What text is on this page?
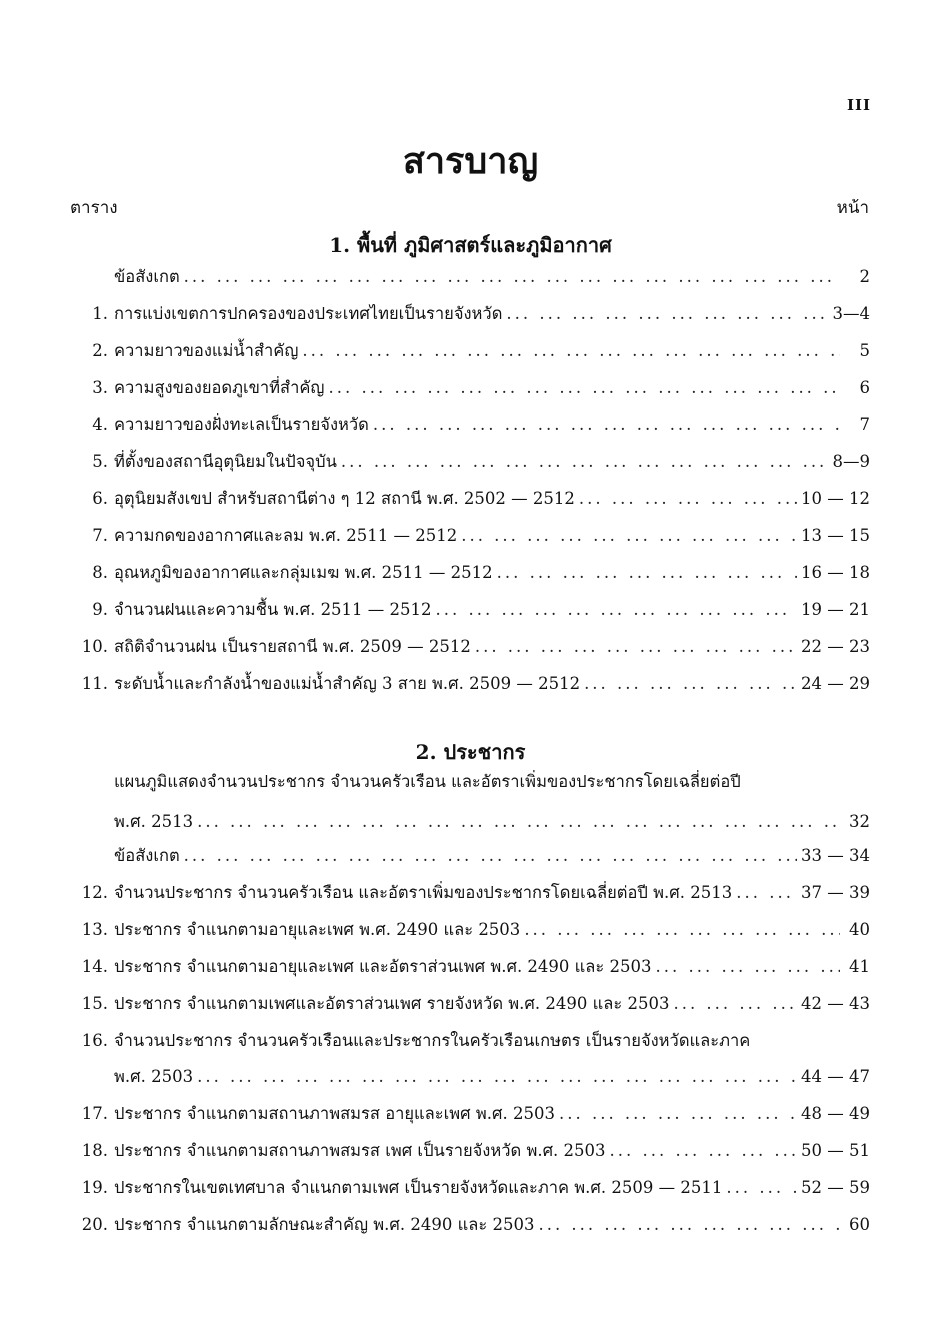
III
สารบาญ
ตาราง	หน้า
1. พื้นที่ ภูมิศาสตร์และภูมิอากาศ
ข้อสังเกต ... .	2
1. การแบ่งเขตการปกครองของประเทศไทยเป็นรายจังหวัด ... .	3—4
2. ความยาวของแม่น้ำสำคัญ ... .	5
3. ความสูงของยอดภูเขาที่สำคัญ ... .	6
4. ความยาวของฝั่งทะเลเป็นรายจังหวัด ... .	7
5. ที่ตั้งของสถานีอุตุนิยมในปัจจุบัน ... .	8—9
6. อุตุนิยมสังเขป สำหรับสถานีต่าง ๆ 12 สถานี พ.ศ. 2502 — 2512 ... .	10 — 12
7. ความกดของอากาศและลม พ.ศ. 2511 — 2512 ... .	13 — 15
8. อุณหภูมิของอากาศและกลุ่มเมฆ พ.ศ. 2511 — 2512 ... .	16 — 18
9. จำนวนฝนและความชื้น พ.ศ. 2511 — 2512 ... .	19 — 21
10. สถิติจำนวนฝน เป็นรายสถานี พ.ศ. 2509 — 2512 ... .	22 — 23
11. ระดับน้ำและกำลังน้ำของแม่น้ำสำคัญ 3 สาย พ.ศ. 2509 — 2512 ... .	24 — 29
2. ประชากร
แผนภูมิแสดงจำนวนประชากร จำนวนครัวเรือน และอัตราเพิ่มของประชากรโดยเฉลี่ยต่อปี
พ.ศ. 2513 ... .	32
ข้อสังเกต ... .	33 — 34
12. จำนวนประชากร จำนวนครัวเรือน และอัตราเพิ่มของประชากรโดยเฉลี่ยต่อปี พ.ศ. 2513 ... .	37 — 39
13. ประชากร จำแนกตามอายุและเพศ พ.ศ. 2490 และ 2503 ... .	40
14. ประชากร จำแนกตามอายุและเพศ และอัตราส่วนเพศ พ.ศ. 2490 และ 2503 ... .	41
15. ประชากร จำแนกตามเพศและอัตราส่วนเพศ รายจังหวัด พ.ศ. 2490 และ 2503 ... .	42 — 43
16. จำนวนประชากร จำนวนครัวเรือนและประชากรในครัวเรือนเกษตร เป็นรายจังหวัดและภาค
พ.ศ. 2503 ... .	44 — 47
17. ประชากร จำแนกตามสถานภาพสมรส อายุและเพศ พ.ศ. 2503 ... .	48 — 49
18. ประชากร จำแนกตามสถานภาพสมรส เพศ เป็นรายจังหวัด พ.ศ. 2503 ... .	50 — 51
19. ประชากรในเขตเทศบาล จำแนกตามเพศ เป็นรายจังหวัดและภาค พ.ศ. 2509 — 2511 ... .	52 — 59
20. ประชากร จำแนกตามลักษณะสำคัญ พ.ศ. 2490 และ 2503 ... .	60
